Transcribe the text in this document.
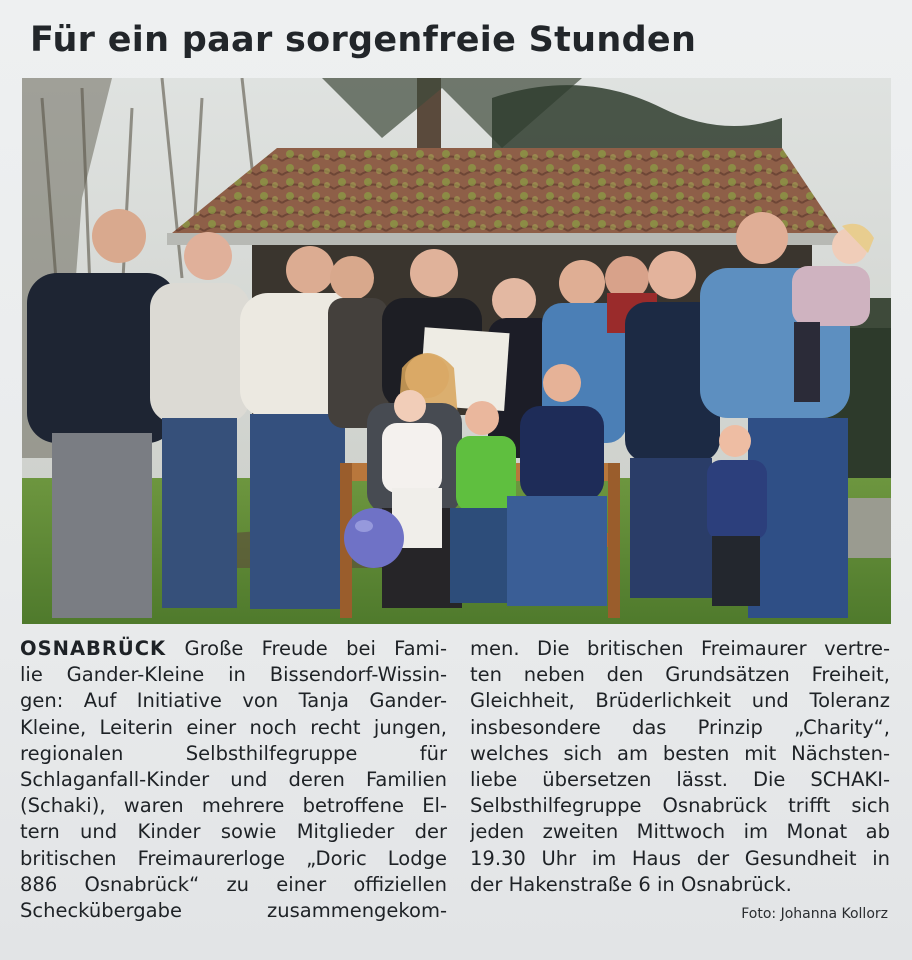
Für ein paar sorgenfreie Stunden
OSNABRÜCK Große Freude bei Fami-
lie Gander-Kleine in Bissendorf-Wissin-
gen: Auf Initiative von Tanja Gander-
Kleine, Leiterin einer noch recht jungen,
regionalen Selbsthilfegruppe für
Schlaganfall-Kinder und deren Familien
(Schaki), waren mehrere betroffene El-
tern und Kinder sowie Mitglieder der
britischen Freimaurerloge „Doric Lodge
886 Osnabrück“ zu einer offiziellen
Scheckübergabe zusammengekom-
men. Die britischen Freimaurer vertre-
ten neben den Grundsätzen Freiheit,
Gleichheit, Brüderlichkeit und Toleranz
insbesondere das Prinzip „Charity“,
welches sich am besten mit Nächsten-
liebe übersetzen lässt. Die SCHAKI-
Selbsthilfegruppe Osnabrück trifft sich
jeden zweiten Mittwoch im Monat ab
19.30 Uhr im Haus der Gesundheit in
der Hakenstraße 6 in Osnabrück.
Foto: Johanna Kollorz
